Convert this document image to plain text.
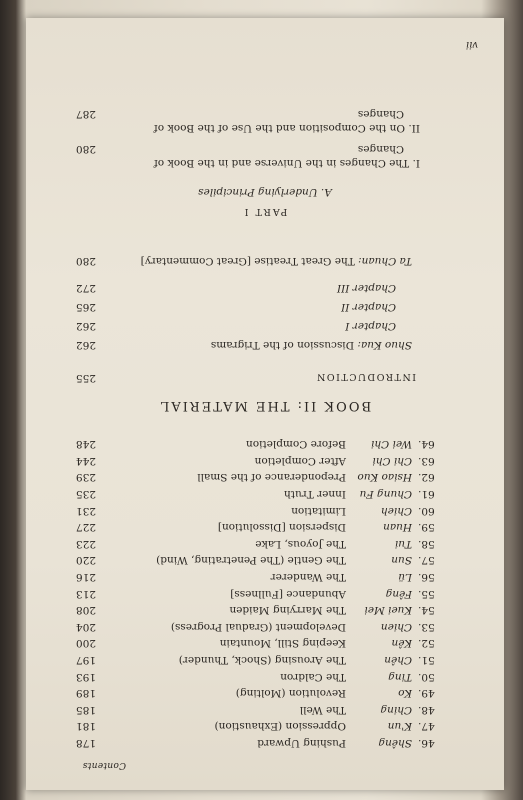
Contents
46.
Shêng
Pushing Upward
178
47.
K'un
Oppression (Exhaustion)
181
48.
Ching
The Well
185
49.
Ko
Revolution (Molting)
189
50.
Ting
The Caldron
193
51.
Chên
The Arousing (Shock, Thunder)
197
52.
Kên
Keeping Still, Mountain
200
53.
Chien
Development (Gradual Progress)
204
54.
Kuei Mei
The Marrying Maiden
208
55.
Fêng
Abundance [Fullness]
213
56.
Lü
The Wanderer
216
57.
Sun
The Gentle (The Penetrating, Wind)
220
58.
Tui
The Joyous, Lake
223
59.
Huan
Dispersion [Dissolution]
227
60.
Chieh
Limitation
231
61.
Chung Fu
Inner Truth
235
62.
Hsiao Kuo
Preponderance of the Small
239
63.
Chi Chi
After Completion
244
64.
Wei Chi
Before Completion
248
BOOK II: THE MATERIAL
INTRODUCTION
255
Shuo Kua: Discussion of the Trigrams
262
Chapter I
262
Chapter II
265
Chapter III
272
Ta Chuan: The Great Treatise [Great Commentary]
280
PART I
A. Underlying Principiles
I. The Changes in the Universe and in the Book of
Changes
280
II. On the Composition and the Use of the Book of
Changes
287
vii
